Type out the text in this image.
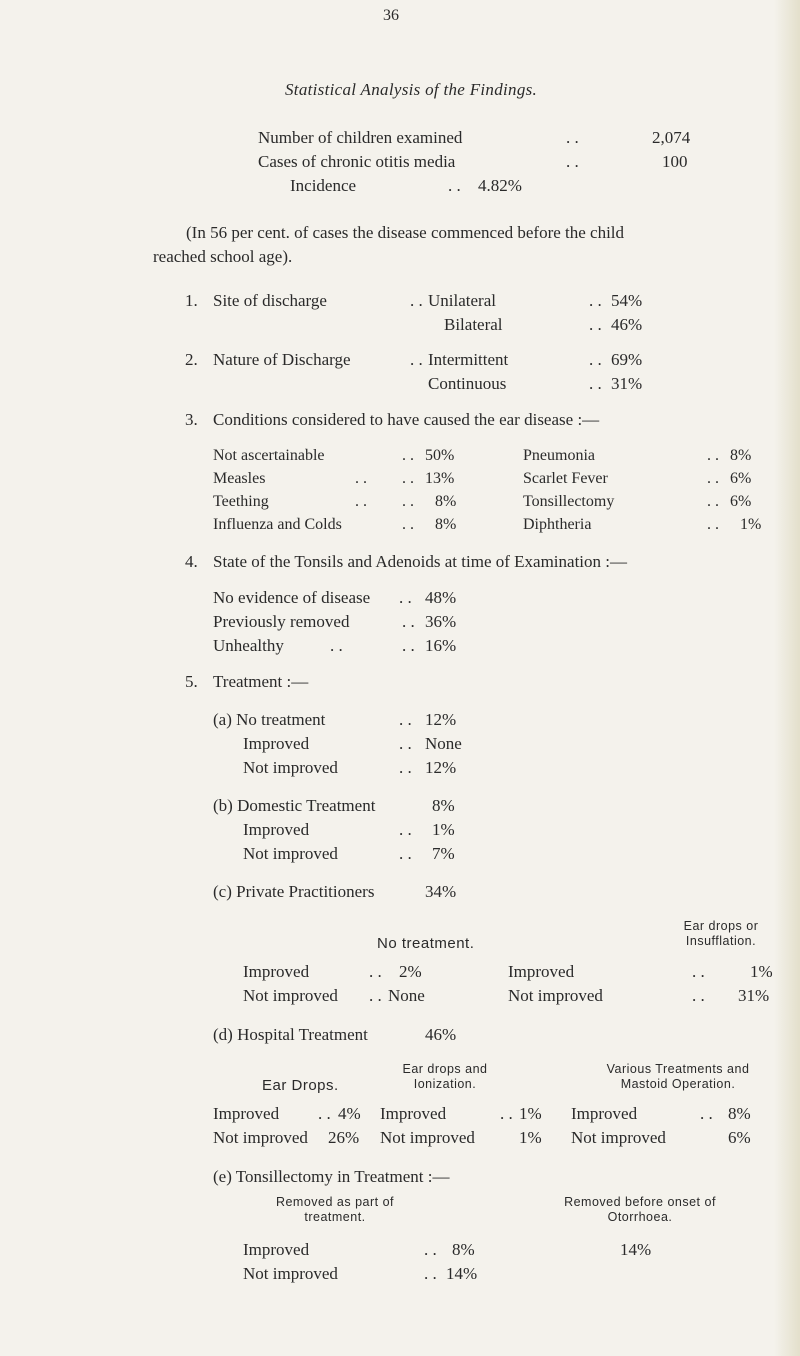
36
Statistical Analysis of the Findings.
Number of children examined	. .	2,074
Cases of chronic otitis media	. .	100
Incidence	. . 4.82%
(In 56 per cent. of cases the disease commenced before the child
reached school age).
1. Site of discharge	. . Unilateral	. . 54%
Bilateral	. . 46%
2. Nature of Discharge	. . Intermittent	. . 69%
Continuous	. . 31%
3. Conditions considered to have caused the ear disease :—
Not ascertainable	. . 50%	Pneumonia	. . 8%
Measles	. . . . 13%	Scarlet Fever	. . 6%
Teething	. . . . 8%	Tonsillectomy	. . 6%
Influenza and Colds	. . 8%	Diphtheria	. . 1%
4. State of the Tonsils and Adenoids at time of Examination :—
No evidence of disease . . 48%
Previously removed	. . 36%
Unhealthy	. .	. . 16%
5. Treatment :—
(a) No treatment	. . 12%
Improved	. . None
Not improved	. . 12%
(b) Domestic Treatment	8%
Improved	. . 1%
Not improved	. . 7%
(c) Private Practitioners	34%
Ear drops or Insufflation.
No treatment.
Improved	. . 2%	Improved	. .	1%
Not improved . . None	Not improved	. . 31%
(d) Hospital Treatment	46%
Ear drops and Ionization.
Various Treatments and Mastoid Operation.
Ear Drops.
Improved . . 4% Improved	. . 1% Improved	. . 8%
Not improved 26% Not improved	1% Not improved	6%
(e) Tonsillectomy in Treatment :—
Removed as part of treatment.
Removed before onset of Otorrhoea.
Improved	. . 8%	14%
Not improved	. . 14%
